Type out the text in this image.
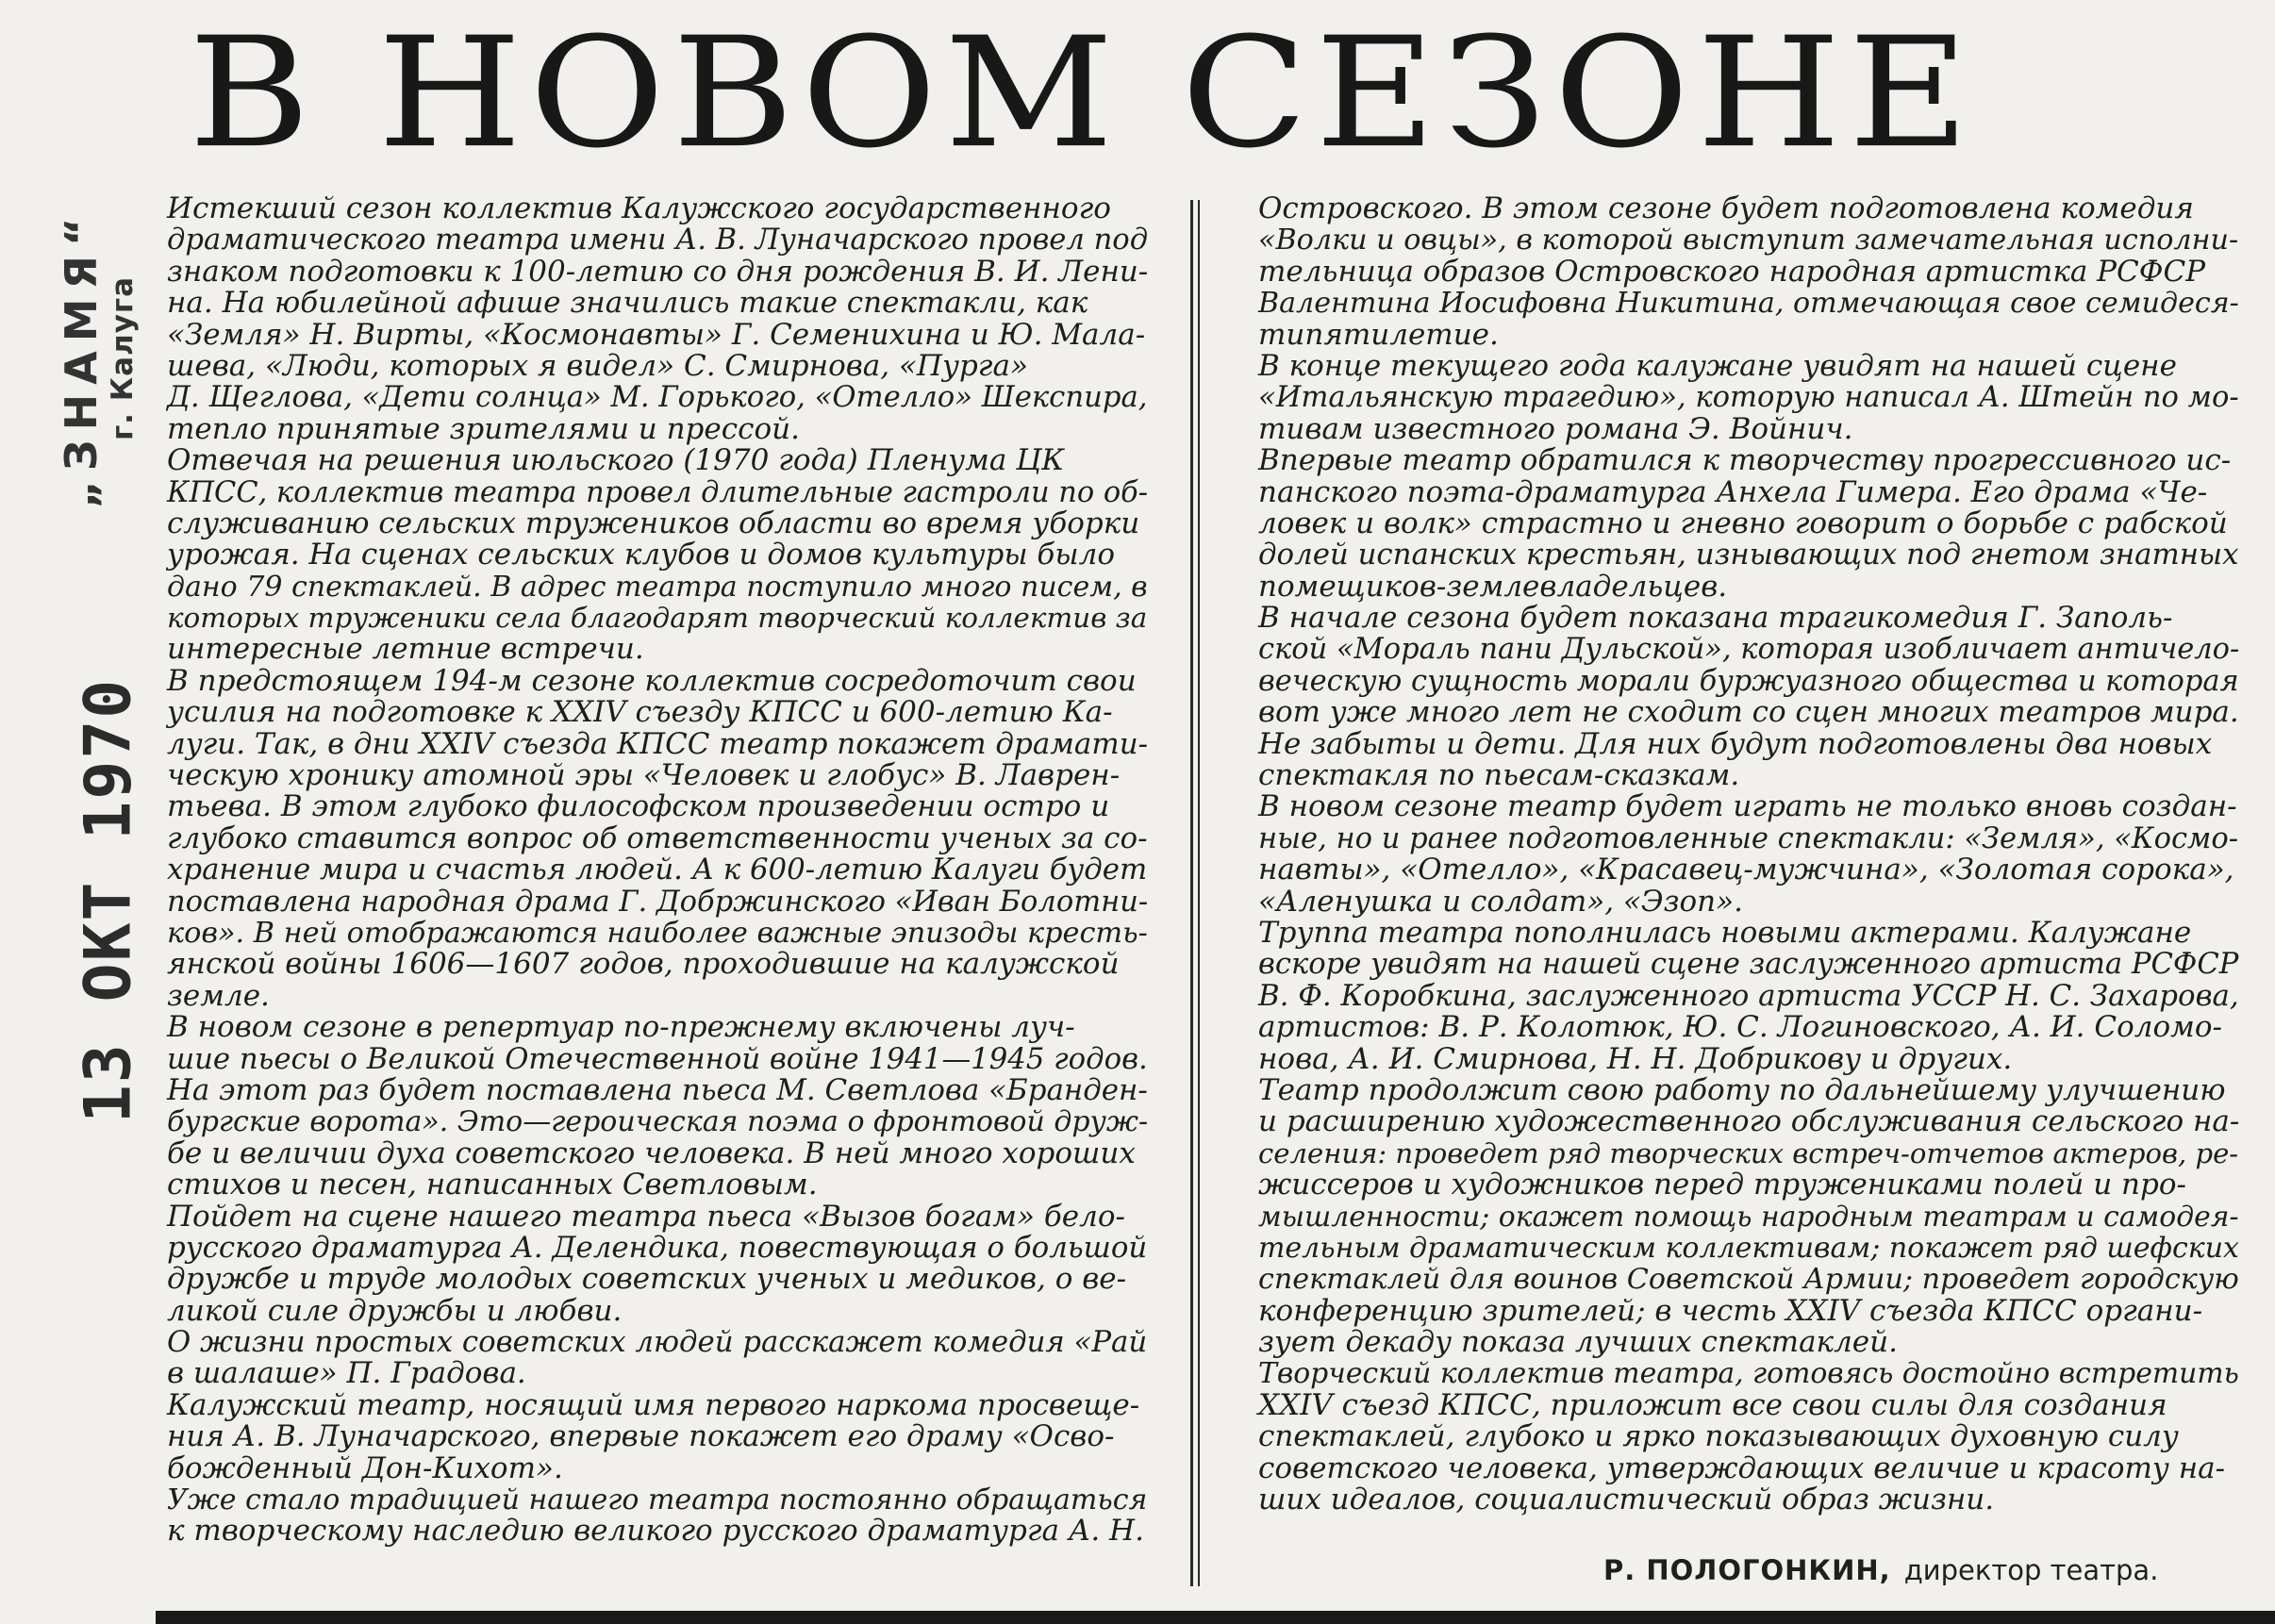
В НОВОМ СЕЗОНЕ
„ЗНАМЯ“ г. Калуга
13 ОКТ 1970
Истекший сезон коллектив Калужского государственного
драматического театра имени А. В. Луначарского провел под
знаком подготовки к 100-летию со дня рождения В. И. Лени-
на. На юбилейной афише значились такие спектакли, как
«Земля» Н. Вирты, «Космонавты» Г. Семенихина и Ю. Мала-
шева, «Люди, которых я видел» С. Смирнова, «Пурга»
Д. Щеглова, «Дети солнца» М. Горького, «Отелло» Шекспира,
тепло принятые зрителями и прессой.
Отвечая на решения июльского (1970 года) Пленума ЦК
КПСС, коллектив театра провел длительные гастроли по об-
служиванию сельских тружеников области во время уборки
урожая. На сценах сельских клубов и домов культуры было
дано 79 спектаклей. В адрес театра поступило много писем, в
которых труженики села благодарят творческий коллектив за
интересные летние встречи.
В предстоящем 194-м сезоне коллектив сосредоточит свои
усилия на подготовке к XXIV съезду КПСС и 600-летию Ка-
луги. Так, в дни XXIV съезда КПСС театр покажет драмати-
ческую хронику атомной эры «Человек и глобус» В. Лаврен-
тьева. В этом глубоко философском произведении остро и
глубоко ставится вопрос об ответственности ученых за со-
хранение мира и счастья людей. А к 600-летию Калуги будет
поставлена народная драма Г. Добржинского «Иван Болотни-
ков». В ней отображаются наиболее важные эпизоды кресть-
янской войны 1606—1607 годов, проходившие на калужской
земле.
В новом сезоне в репертуар по-прежнему включены луч-
шие пьесы о Великой Отечественной войне 1941—1945 годов.
На этот раз будет поставлена пьеса М. Светлова «Бранден-
бургские ворота». Это—героическая поэма о фронтовой друж-
бе и величии духа советского человека. В ней много хороших
стихов и песен, написанных Светловым.
Пойдет на сцене нашего театра пьеса «Вызов богам» бело-
русского драматурга А. Делендика, повествующая о большой
дружбе и труде молодых советских ученых и медиков, о ве-
ликой силе дружбы и любви.
О жизни простых советских людей расскажет комедия «Рай
в шалаше» П. Градова.
Калужский театр, носящий имя первого наркома просвеще-
ния А. В. Луначарского, впервые покажет его драму «Осво-
божденный Дон-Кихот».
Уже стало традицией нашего театра постоянно обращаться
к творческому наследию великого русского драматурга А. Н.
Островского. В этом сезоне будет подготовлена комедия
«Волки и овцы», в которой выступит замечательная исполни-
тельница образов Островского народная артистка РСФСР
Валентина Иосифовна Никитина, отмечающая свое семидеся-
типятилетие.
В конце текущего года калужане увидят на нашей сцене
«Итальянскую трагедию», которую написал А. Штейн по мо-
тивам известного романа Э. Войнич.
Впервые театр обратился к творчеству прогрессивного ис-
панского поэта-драматурга Анхела Гимера. Его драма «Че-
ловек и волк» страстно и гневно говорит о борьбе с рабской
долей испанских крестьян, изнывающих под гнетом знатных
помещиков-землевладельцев.
В начале сезона будет показана трагикомедия Г. Заполь-
ской «Мораль пани Дульской», которая изобличает античело-
веческую сущность морали буржуазного общества и которая
вот уже много лет не сходит со сцен многих театров мира.
Не забыты и дети. Для них будут подготовлены два новых
спектакля по пьесам-сказкам.
В новом сезоне театр будет играть не только вновь создан-
ные, но и ранее подготовленные спектакли: «Земля», «Космо-
навты», «Отелло», «Красавец-мужчина», «Золотая сорока»,
«Аленушка и солдат», «Эзоп».
Труппа театра пополнилась новыми актерами. Калужане
вскоре увидят на нашей сцене заслуженного артиста РСФСР
В. Ф. Коробкина, заслуженного артиста УССР Н. С. Захарова,
артистов: В. Р. Колотюк, Ю. С. Логиновского, А. И. Соломо-
нова, А. И. Смирнова, Н. Н. Добрикову и других.
Театр продолжит свою работу по дальнейшему улучшению
и расширению художественного обслуживания сельского на-
селения: проведет ряд творческих встреч-отчетов актеров, ре-
жиссеров и художников перед тружениками полей и про-
мышленности; окажет помощь народным театрам и самодея-
тельным драматическим коллективам; покажет ряд шефских
спектаклей для воинов Советской Армии; проведет городскую
конференцию зрителей; в честь XXIV съезда КПСС органи-
зует декаду показа лучших спектаклей.
Творческий коллектив театра, готовясь достойно встретить
XXIV съезд КПСС, приложит все свои силы для создания
спектаклей, глубоко и ярко показывающих духовную силу
советского человека, утверждающих величие и красоту на-
ших идеалов, социалистический образ жизни.
Р. ПОЛОГОНКИН, директор театра.
